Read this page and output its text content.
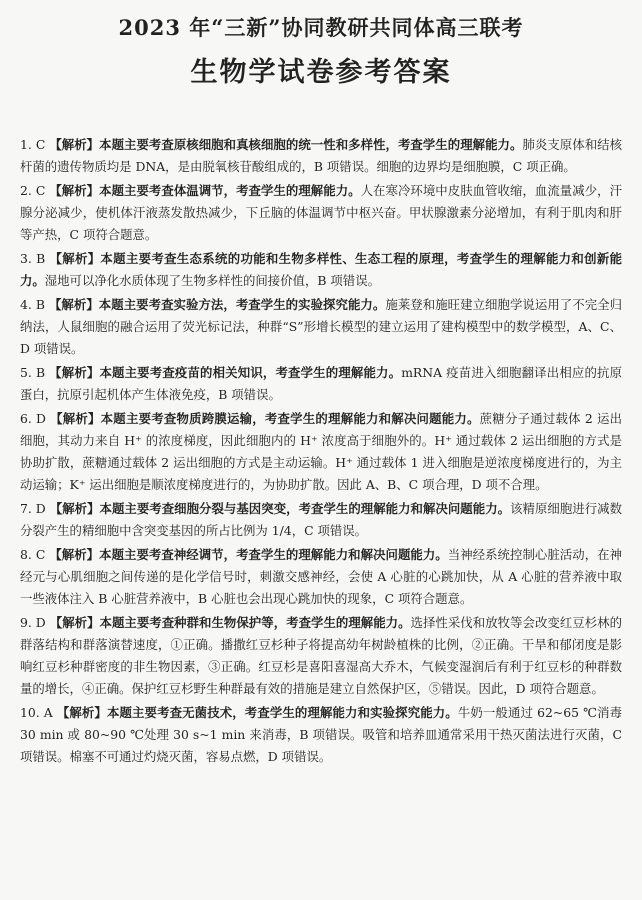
2023 年“三新”协同教研共同体高三联考
生物学试卷参考答案
1. C 【解析】本题主要考查原核细胞和真核细胞的统一性和多样性，考查学生的理解能力。肺炎支原体和结核杆菌的遗传物质均是 DNA，是由脱氧核苷酸组成的，B 项错误。细胞的边界均是细胞膜，C 项正确。
2. C 【解析】本题主要考查体温调节，考查学生的理解能力。人在寒冷环境中皮肤血管收缩，血流量减少，汗腺分泌减少，使机体汗液蒸发散热减少，下丘脑的体温调节中枢兴奋。甲状腺激素分泌增加，有利于肌肉和肝等产热，C 项符合题意。
3. B 【解析】本题主要考查生态系统的功能和生物多样性、生态工程的原理，考查学生的理解能力和创新能力。湿地可以净化水质体现了生物多样性的间接价值，B 项错误。
4. B 【解析】本题主要考查实验方法，考查学生的实验探究能力。施莱登和施旺建立细胞学说运用了不完全归纳法，人鼠细胞的融合运用了荧光标记法，种群“S”形增长模型的建立运用了建构模型中的数学模型，A、C、D 项错误。
5. B 【解析】本题主要考查疫苗的相关知识，考查学生的理解能力。mRNA 疫苗进入细胞翻译出相应的抗原蛋白，抗原引起机体产生体液免疫，B 项错误。
6. D 【解析】本题主要考查物质跨膜运输，考查学生的理解能力和解决问题能力。蔗糖分子通过载体 2 运出细胞，其动力来自 H⁺ 的浓度梯度，因此细胞内的 H⁺ 浓度高于细胞外的。H⁺ 通过载体 2 运出细胞的方式是协助扩散，蔗糖通过载体 2 运出细胞的方式是主动运输。H⁺ 通过载体 1 进入细胞是逆浓度梯度进行的，为主动运输；K⁺ 运出细胞是顺浓度梯度进行的，为协助扩散。因此 A、B、C 项合理，D 项不合理。
7. D 【解析】本题主要考查细胞分裂与基因突变，考查学生的理解能力和解决问题能力。该精原细胞进行减数分裂产生的精细胞中含突变基因的所占比例为 1/4，C 项错误。
8. C 【解析】本题主要考查神经调节，考查学生的理解能力和解决问题能力。当神经系统控制心脏活动，在神经元与心肌细胞之间传递的是化学信号时，刺激交感神经，会使 A 心脏的心跳加快，从 A 心脏的营养液中取一些液体注入 B 心脏营养液中，B 心脏也会出现心跳加快的现象，C 项符合题意。
9. D 【解析】本题主要考查种群和生物保护等，考查学生的理解能力。选择性采伐和放牧等会改变红豆杉林的群落结构和群落演替速度，①正确。播撒红豆杉种子将提高幼年树龄植株的比例，②正确。干旱和郁闭度是影响红豆杉种群密度的非生物因素，③正确。红豆杉是喜阳喜湿高大乔木，气候变湿润后有利于红豆杉的种群数量的增长，④正确。保护红豆杉野生种群最有效的措施是建立自然保护区，⑤错误。因此，D 项符合题意。
10. A 【解析】本题主要考查无菌技术，考查学生的理解能力和实验探究能力。牛奶一般通过 62~65 ℃消毒 30 min 或 80~90 ℃处理 30 s~1 min 来消毒，B 项错误。吸管和培养皿通常采用干热灭菌法进行灭菌，C 项错误。棉塞不可通过灼烧灭菌，容易点燃，D 项错误。
